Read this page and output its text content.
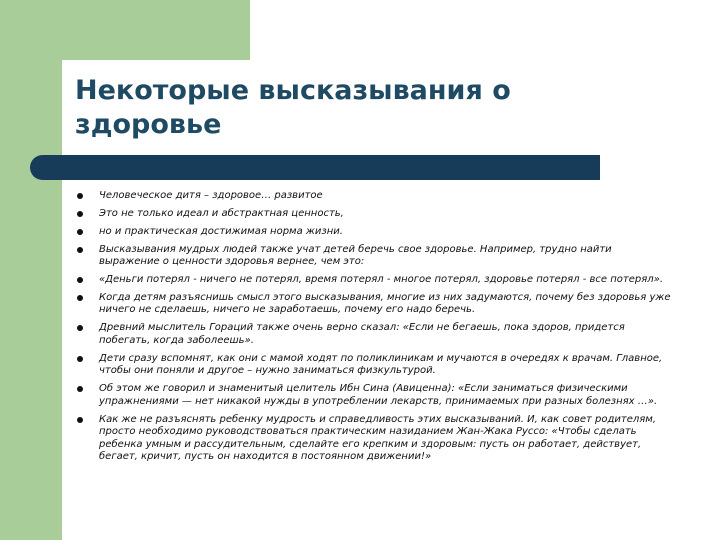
Некоторые высказывания о здоровье
Человеческое дитя – здоровое… развитое
Это не только идеал и абстрактная ценность,
но и практическая достижимая норма жизни.
Высказывания мудрых людей также учат детей беречь свое здоровье. Например, трудно найти выражение о ценности здоровья вернее, чем это:
«Деньги потерял - ничего не потерял, время потерял - многое потерял, здоровье потерял - все потерял».
Когда детям разъяснишь смысл этого высказывания, многие из них задумаются, почему без здоровья уже ничего не сделаешь, ничего не заработаешь, почему его надо беречь.
Древний мыслитель Гораций также очень верно сказал: «Если не бегаешь, пока здоров, придется побегать, когда заболеешь».
Дети сразу вспомнят, как они с мамой ходят по поликлиникам и мучаются в очередях к врачам. Главное, чтобы они поняли и другое – нужно заниматься физкультурой.
Об этом же говорил и знаменитый целитель Ибн Сина (Авиценна): «Если заниматься физическими упражнениями — нет никакой нужды в употреблении лекарств, принимаемых при разных болезнях …».
Как же не разъяснять ребенку мудрость и справедливость этих высказываний. И, как совет родителям, просто необходимо руководствоваться практическим назиданием Жан-Жака Руссо: «Чтобы сделать ребенка умным и рассудительным, сделайте его крепким и здоровым: пусть он работает, действует, бегает, кричит, пусть он находится в постоянном движении!»
